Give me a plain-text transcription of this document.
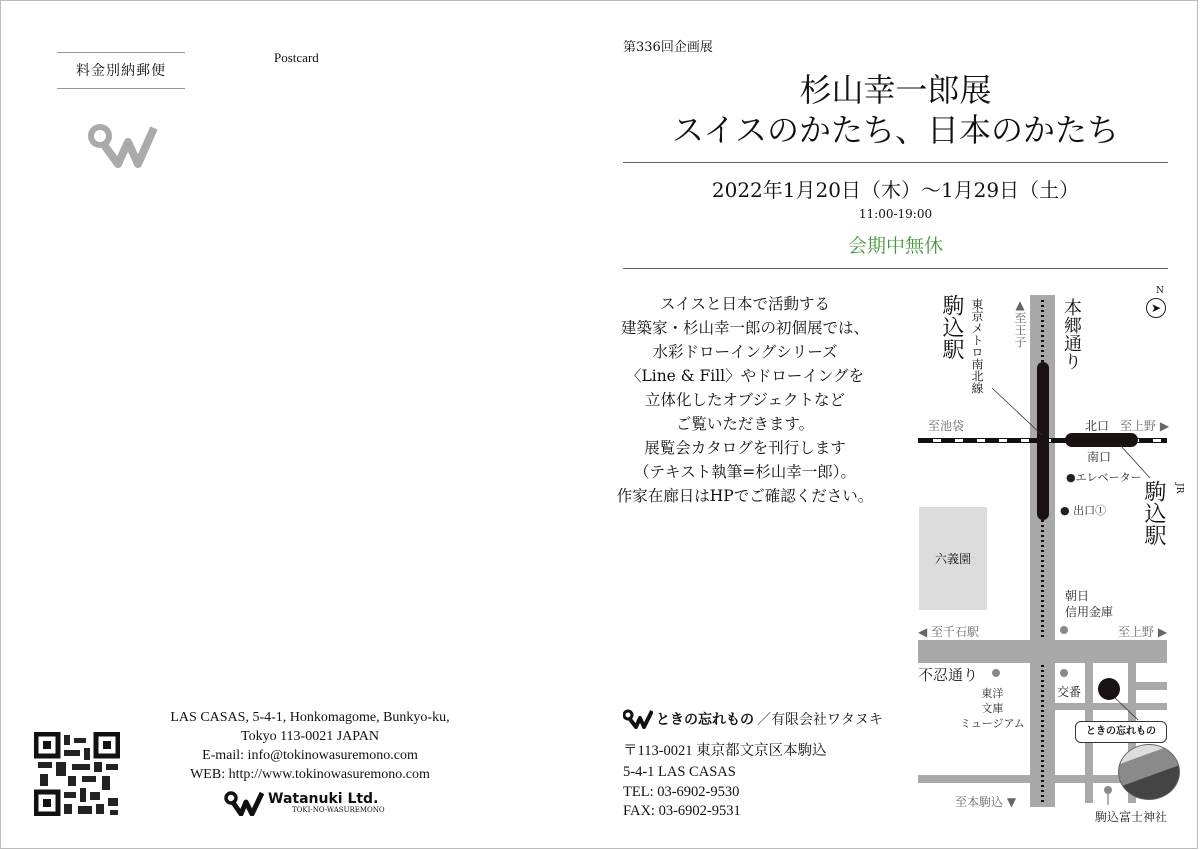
料金別納郵便
Postcard
LAS CASAS, 5-4-1, Honkomagome, Bunkyo-ku,
Tokyo 113-0021 JAPAN
E-mail: info@tokinowasuremono.com
WEB: http://www.tokinowasuremono.com
Watanuki Ltd.
TOKI-NO-WASUREMONO
第336回企画展
杉山幸一郎展
スイスのかたち、日本のかたち
2022年1月20日（木）～1月29日（土）
11:00-19:00
会期中無休
スイスと日本で活動する
建築家・杉山幸一郎の初個展では、
水彩ドローイングシリーズ
〈Line & Fill〉やドローイングを
立体化したオブジェクトなど
ご覧いただきます。
展覧会カタログを刊行します
（テキスト執筆=杉山幸一郎）。
作家在廊日はHPでご確認ください。
ときの忘れもの ／有限会社ワタヌキ
〒113-0021 東京都文京区本駒込
5-4-1 LAS CASAS
TEL: 03-6902-9530
FAX: 03-6902-9531
六義園
➤
N
▲至王子 本郷通り
駒込駅 東京メトロ南北線
至池袋	北口 至上野 ▶
南口
●エレベーター
● 出口①
JR
駒込駅
朝日
信用金庫
◀ 至千石駅	至上野 ▶
不忍通り
東洋
文庫
ミュージアム
交番
ときの忘れもの
至本駒込 ▼
駒込富士神社
